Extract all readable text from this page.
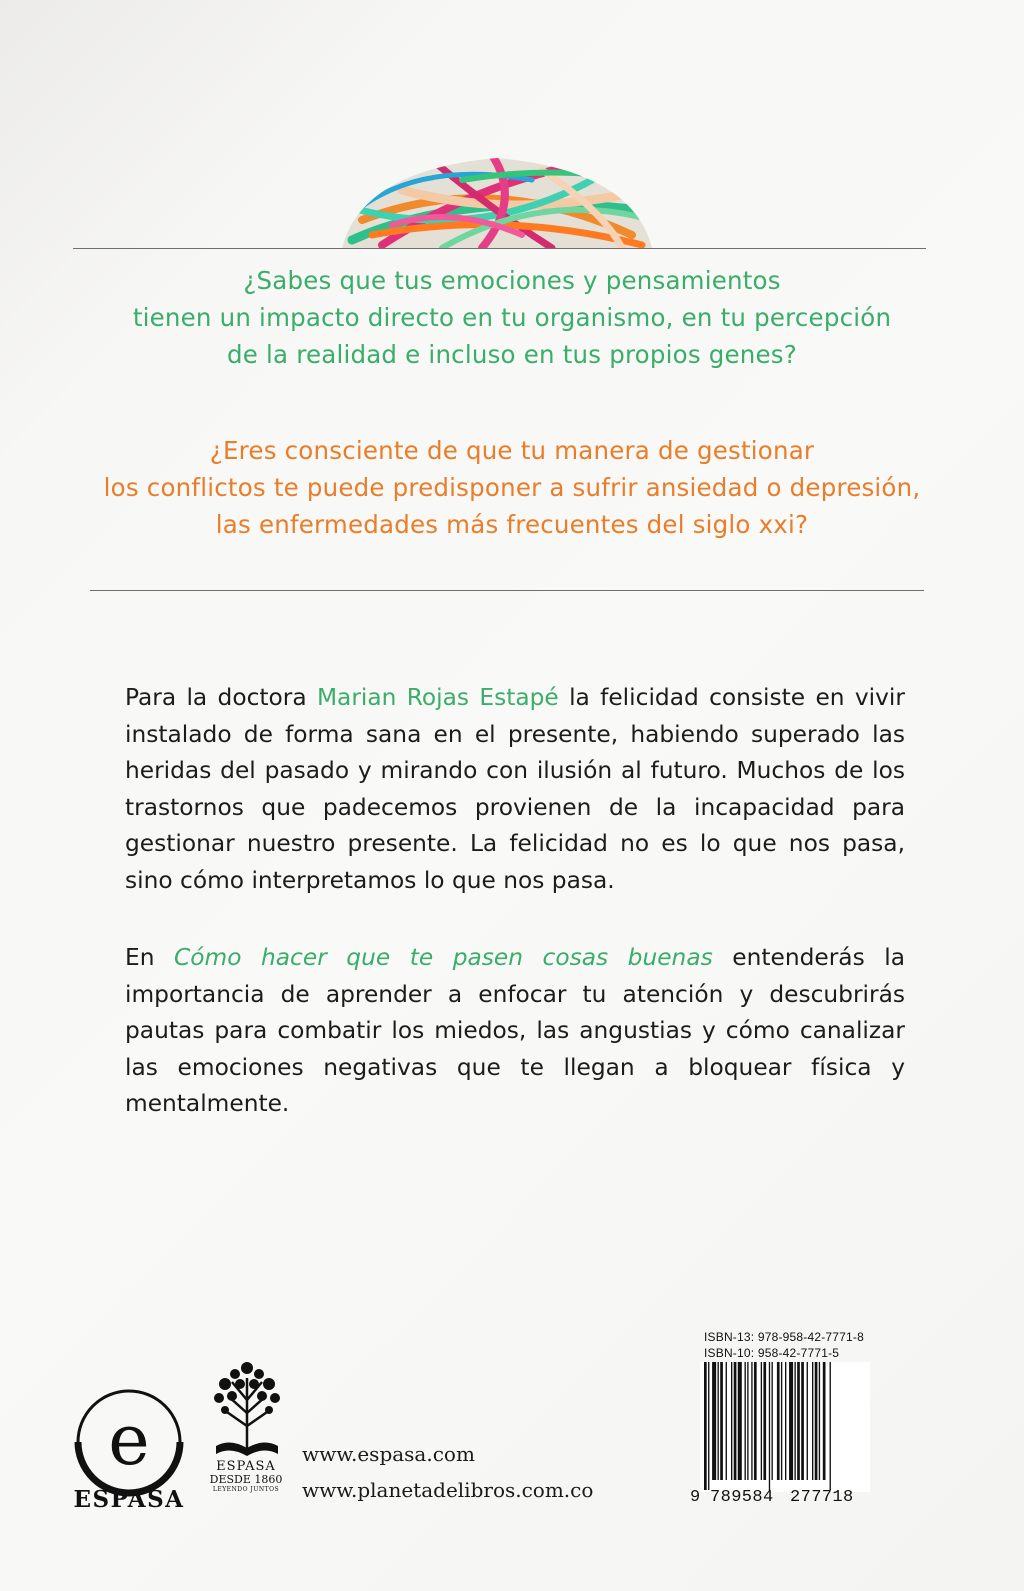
¿Sabes que tus emociones y pensamientos
tienen un impacto directo en tu organismo, en tu percepción
de la realidad e incluso en tus propios genes?
¿Eres consciente de que tu manera de gestionar
los conflictos te puede predisponer a sufrir ansiedad o depresión,
las enfermedades más frecuentes del siglo xxi?

Para la doctora Marian Rojas Estapé la felicidad consiste en vivir instalado de forma sana en el presente, habiendo superado las heridas del pasado y mirando con ilusión al futuro. Muchos de los trastornos que padecemos provienen de la incapacidad para gestionar nuestro presente. La felicidad no es lo que nos pasa, sino cómo interpretamos lo que nos pasa.

En Cómo hacer que te pasen cosas buenas entenderás la importancia de aprender a enfocar tu atención y descubrirás pautas para combatir los miedos, las angustias y cómo canalizar las emociones negativas que te llegan a bloquear física y mentalmente.

e
ESPASA
ESPASA
DESDE 1860
LEYENDO JUNTOS
www.espasa.com
www.planetadelibros.com.co
ISBN-13: 978-958-42-7771-8
ISBN-10: 958-42-7771-5
9 789584 277718
